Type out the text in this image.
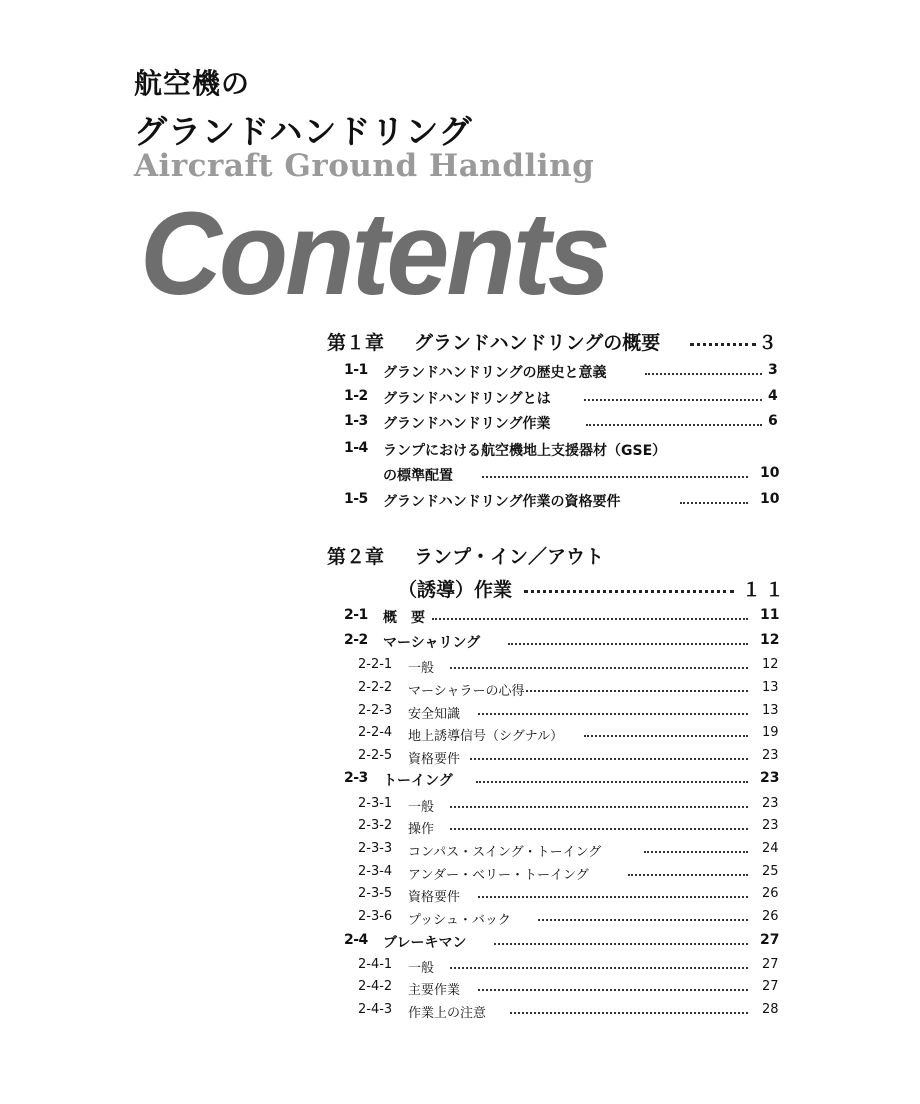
航空機の
グランドハンドリング
Aircraft Ground Handling
Contents
第１章 グランドハンドリングの概要	３
1-1 グランドハンドリングの歴史と意義	3
1-2 グランドハンドリングとは	4
1-3 グランドハンドリング作業	6
1-4 ランプにおける航空機地上支援器材（GSE）
の標準配置	10
1-5 グランドハンドリング作業の資格要件	10
第２章 ランプ・イン／アウト
（誘導）作業	１１
2-1 概　要	11
2-2 マーシャリング	12
2-2-1 一般	12
2-2-2 マーシャラーの心得	13
2-2-3 安全知識	13
2-2-4 地上誘導信号（シグナル）	19
2-2-5 資格要件	23
2-3 トーイング	23
2-3-1 一般	23
2-3-2 操作	23
2-3-3 コンパス・スイング・トーイング	24
2-3-4 アンダー・ベリー・トーイング	25
2-3-5 資格要件	26
2-3-6 プッシュ・バック	26
2-4 ブレーキマン	27
2-4-1 一般	27
2-4-2 主要作業	27
2-4-3 作業上の注意	28
